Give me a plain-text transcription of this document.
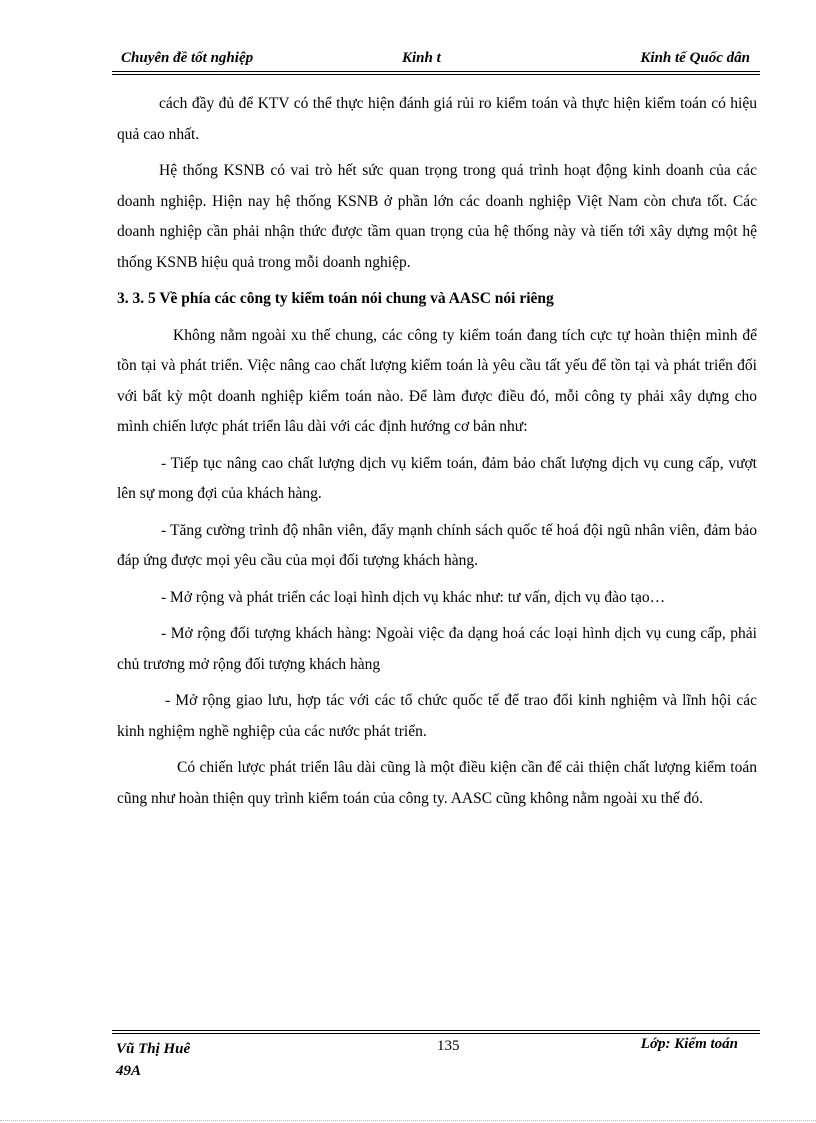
Chuyên đề tốt nghiệp	Kinh t	Kinh tế Quốc dân

cách đầy đủ để KTV có thể thực hiện đánh giá rủi ro kiểm toán và thực hiện kiểm toán có hiệu quả cao nhất.

Hệ thống KSNB có vai trò hết sức quan trọng trong quá trình hoạt động kinh doanh của các doanh nghiệp. Hiện nay hệ thống KSNB ở phần lớn các doanh nghiệp Việt Nam còn chưa tốt. Các doanh nghiệp cần phải nhận thức được tầm quan trọng của hệ thống này và tiến tới xây dựng một hệ thống KSNB hiệu quả trong mỗi doanh nghiệp.

3. 3. 5 Về phía các công ty kiểm toán nói chung và AASC nói riêng

Không nằm ngoài xu thế chung, các công ty kiểm toán đang tích cực tự hoàn thiện mình để tồn tại và phát triển. Việc nâng cao chất lượng kiểm toán là yêu cầu tất yếu để tồn tại và phát triển đối với bất kỳ một doanh nghiệp kiểm toán nào. Để làm được điều đó, mỗi công ty phải xây dựng cho mình chiến lược phát triển lâu dài với các định hướng cơ bản như:

- Tiếp tục nâng cao chất lượng dịch vụ kiểm toán, đảm bảo chất lượng dịch vụ cung cấp, vượt lên sự mong đợi của khách hàng.

- Tăng cường trình độ nhân viên, đẩy mạnh chính sách quốc tế hoá đội ngũ nhân viên, đảm bảo đáp ứng được mọi yêu cầu của mọi đối tượng khách hàng.

- Mở rộng và phát triển các loại hình dịch vụ khác như: tư vấn, dịch vụ đào tạo…

- Mở rộng đối tượng khách hàng: Ngoài việc đa dạng hoá các loại hình dịch vụ cung cấp, phải chủ trương mở rộng đối tượng khách hàng

- Mở rộng giao lưu, hợp tác với các tổ chức quốc tế để trao đổi kinh nghiệm và lĩnh hội các kinh nghiệm nghề nghiệp của các nước phát triển.

Có chiến lược phát triển lâu dài cũng là một điều kiện cần để cải thiện chất lượng kiểm toán cũng như hoàn thiện quy trình kiểm toán của công ty. AASC cũng không nằm ngoài xu thế đó.

Vũ Thị Huê
49A
135	Lớp: Kiểm toán
